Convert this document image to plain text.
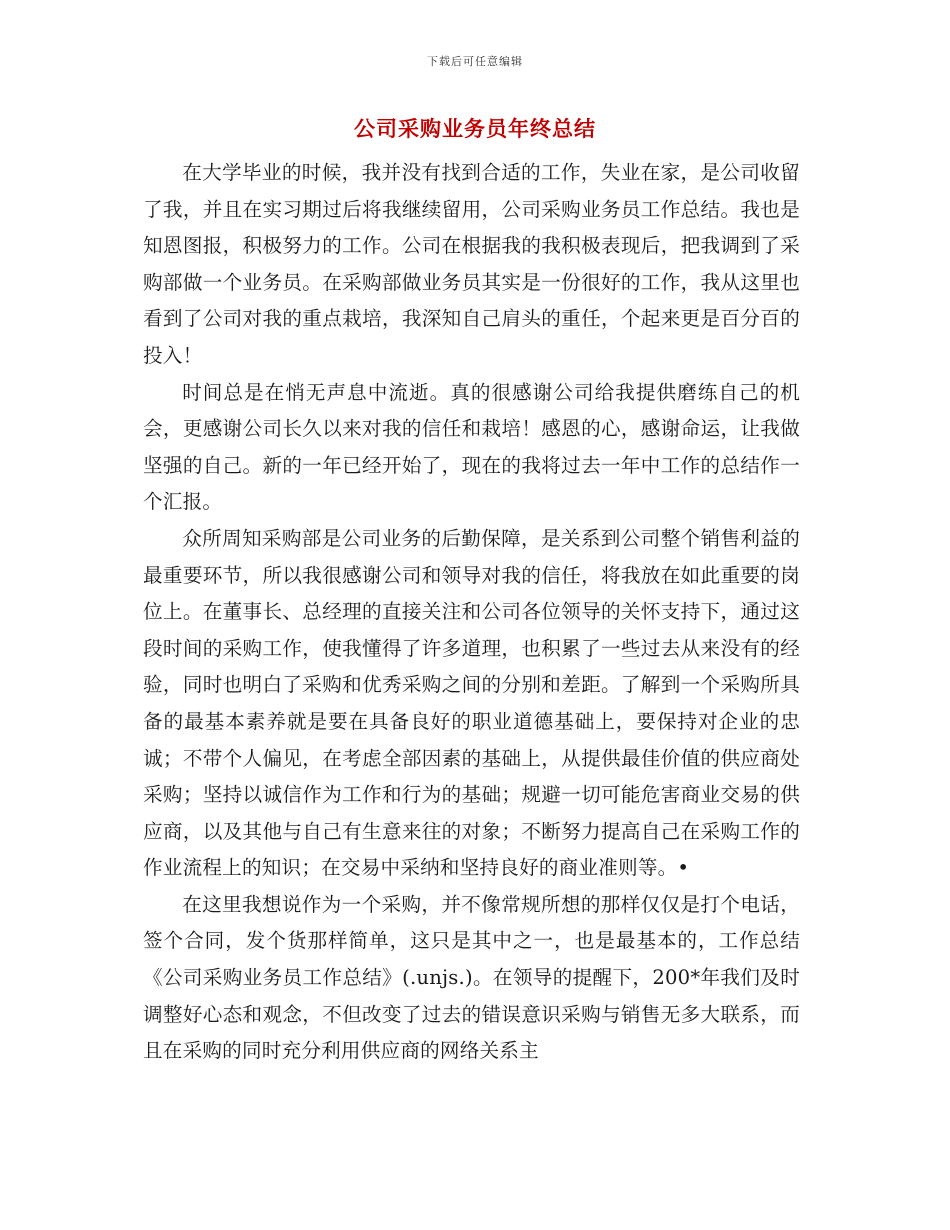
下载后可任意编辑
公司采购业务员年终总结

在大学毕业的时候，我并没有找到合适的工作，失业在家，是公司收留了我，并且在实习期过后将我继续留用，公司采购业务员工作总结。我也是知恩图报，积极努力的工作。公司在根据我的我积极表现后，把我调到了采购部做一个业务员。在采购部做业务员其实是一份很好的工作，我从这里也看到了公司对我的重点栽培，我深知自己肩头的重任，个起来更是百分百的投入！

时间总是在悄无声息中流逝。真的很感谢公司给我提供磨练自己的机会，更感谢公司长久以来对我的信任和栽培！感恩的心，感谢命运，让我做坚强的自己。新的一年已经开始了，现在的我将过去一年中工作的总结作一个汇报。

众所周知采购部是公司业务的后勤保障，是关系到公司整个销售利益的最重要环节，所以我很感谢公司和领导对我的信任，将我放在如此重要的岗位上。在董事长、总经理的直接关注和公司各位领导的关怀支持下，通过这段时间的采购工作，使我懂得了许多道理，也积累了一些过去从来没有的经验，同时也明白了采购和优秀采购之间的分别和差距。了解到一个采购所具备的最基本素养就是要在具备良好的职业道德基础上，要保持对企业的忠诚；不带个人偏见，在考虑全部因素的基础上，从提供最佳价值的供应商处采购；坚持以诚信作为工作和行为的基础；规避一切可能危害商业交易的供应商，以及其他与自己有生意来往的对象；不断努力提高自己在采购工作的作业流程上的知识；在交易中采纳和坚持良好的商业准则等。•

在这里我想说作为一个采购，并不像常规所想的那样仅仅是打个电话，签个合同，发个货那样简单，这只是其中之一，也是最基本的，工作总结《公司采购业务员工作总结》(.unjs.)。在领导的提醒下，200*年我们及时调整好心态和观念，不但改变了过去的错误意识采购与销售无多大联系，而且在采购的同时充分利用供应商的网络关系主
